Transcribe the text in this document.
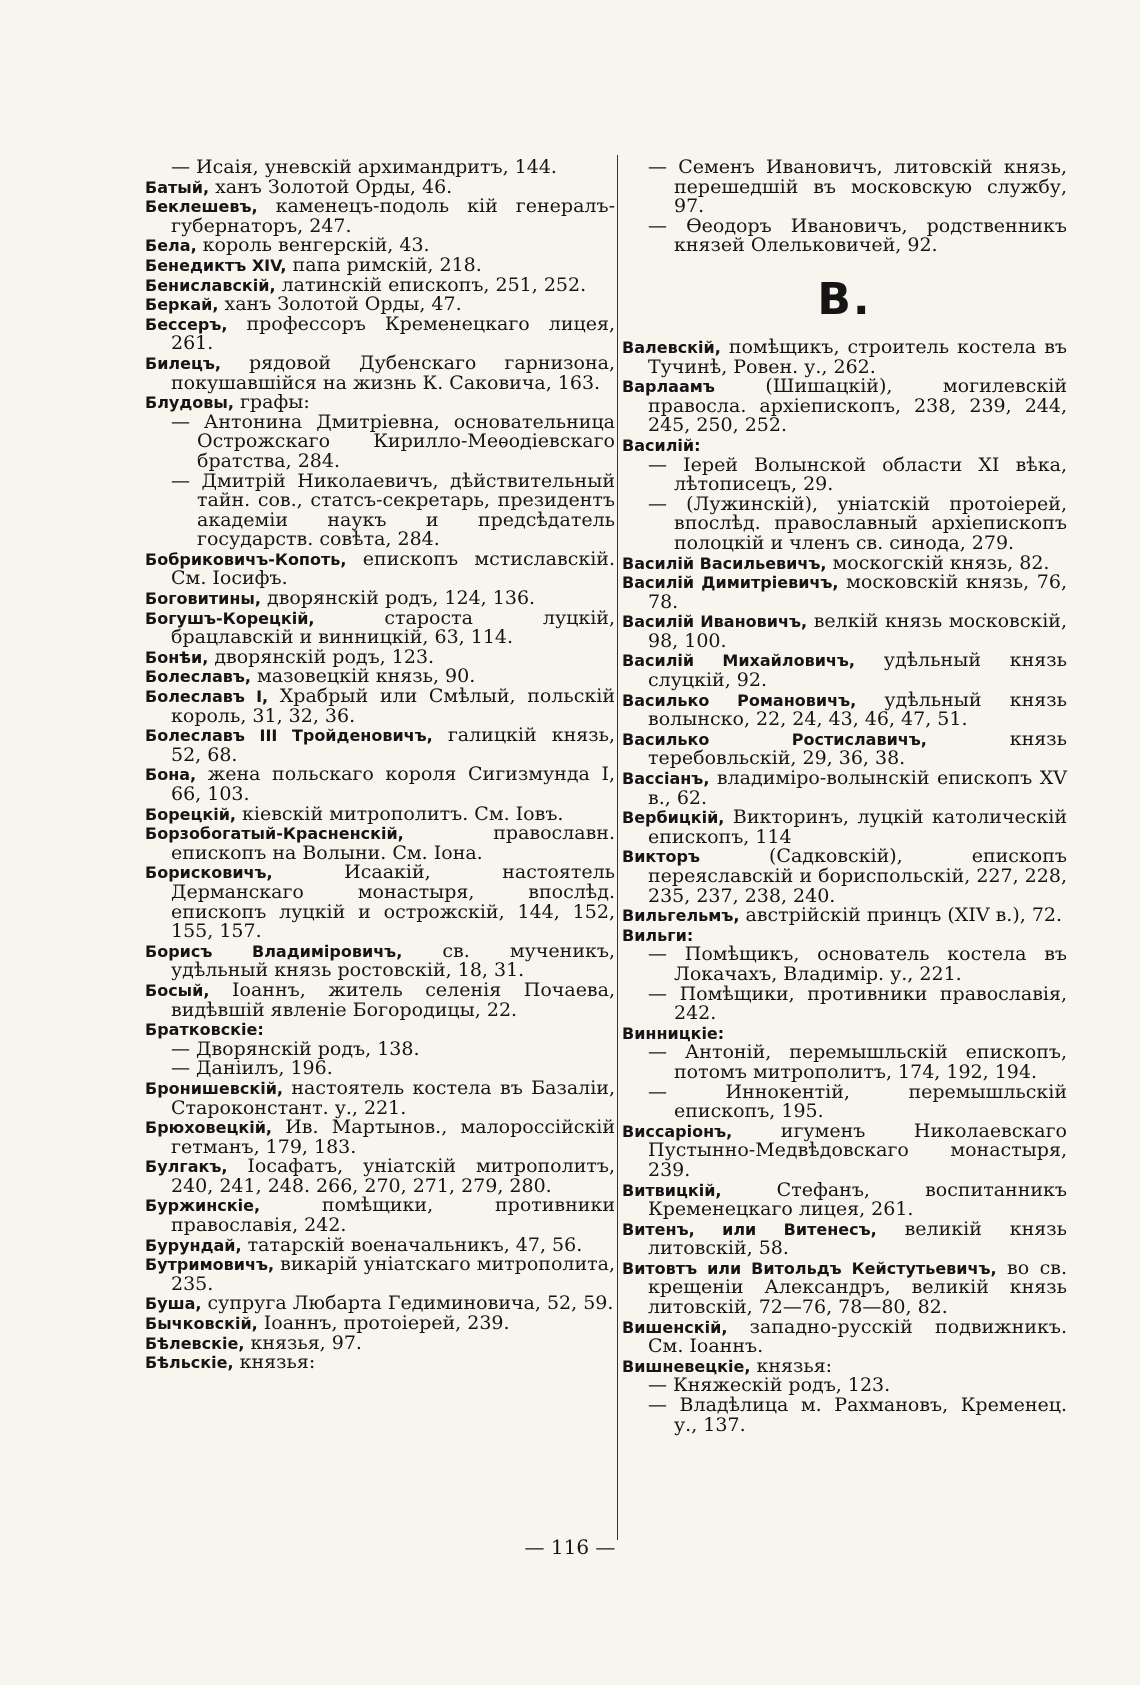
— Исаія, уневскій архимандритъ, 144.

Батый, ханъ Золотой Орды, 46.

Беклешевъ, каменецъ-подоль кій генералъ-губернаторъ, 247.

Бела, король венгерскій, 43.

Бенедиктъ XIV, папа римскій, 218.

Бениславскій, латинскій епископъ, 251, 252.

Беркай, ханъ Золотой Орды, 47.

Бессеръ, профессоръ Кременецкаго лицея, 261.

Билецъ, рядовой Дубенскаго гарнизона, покушавшійся на жизнь К. Саковича, 163.

Блудовы, графы:

— Антонина Дмитріевна, основательница Острожскаго Кирилло-Меѳодіевскаго братства, 284.

— Дмитрій Николаевичъ, дѣйствительный тайн. сов., статсъ-секретарь, президентъ академіи наукъ и предсѣдатель государств. совѣта, 284.

Бобриковичъ-Копоть, епископъ мстиславскій. См. Іосифъ.

Боговитины, дворянскій родъ, 124, 136.

Богушъ-Корецкій, староста луцкій, брацлавскій и винницкій, 63, 114.

Бонѣи, дворянскій родъ, 123.

Болеславъ, мазовецкій князь, 90.

Болеславъ I, Храбрый или Смѣлый, польскій король, 31, 32, 36.

Болеславъ III Тройденовичъ, галицкій князь, 52, 68.

Бона, жена польскаго короля Сигизмунда I, 66, 103.

Борецкій, кіевскій митрополитъ. См. Іовъ.

Борзобогатый-Красненскій, православн. епископъ на Волыни. См. Іона.

Борисковичъ, Исаакій, настоятель Дерманскаго монастыря, впослѣд. епископъ луцкій и острожскій, 144, 152, 155, 157.

Борисъ Владиміровичъ, св. мученикъ, удѣльный князь ростовскій, 18, 31.

Босый, Іоаннъ, житель селенія Почаева, видѣвшій явленіе Богородицы, 22.

Братковскіе:

— Дворянскій родъ, 138.

— Даніилъ, 196.

Бронишевскій, настоятель костела въ Базаліи, Староконстант. у., 221.

Брюховецкій, Ив. Мартынов., малороссійскій гетманъ, 179, 183.

Булгакъ, Іосафатъ, уніатскій митрополитъ, 240, 241, 248. 266, 270, 271, 279, 280.

Буржинскіе, помѣщики, противники православія, 242.

Бурундай, татарскій военачальникъ, 47, 56.

Бутримовичъ, викарій уніатскаго митрополита, 235.

Буша, супруга Любарта Гедиминовича, 52, 59.

Бычковскій, Іоаннъ, протоіерей, 239.

Бѣлевскіе, князья, 97.

Бѣльскіе, князья:

— Семенъ Ивановичъ, литовскій князь, перешедшій въ московскую службу, 97.

— Ѳеодоръ Ивановичъ, родственникъ князей Олельковичей, 92.

В.

Валевскій, помѣщикъ, строитель костела въ Тучинѣ, Ровен. у., 262.

Варлаамъ (Шишацкій), могилевскій правосла. архіепископъ, 238, 239, 244, 245, 250, 252.

Василій:

— Іерей Волынской области XI вѣка, лѣтописецъ, 29.

— (Лужинскій), уніатскій протоіерей, впослѣд. православный архіепископъ полоцкій и членъ св. синода, 279.

Василій Васильевичъ, москогскій князь, 82.

Василій Димитріевичъ, московскій князь, 76, 78.

Василій Ивановичъ, велкій князь московскій, 98, 100.

Василій Михайловичъ, удѣльный князь слуцкій, 92.

Василько Романовичъ, удѣльный князь волынско, 22, 24, 43, 46, 47, 51.

Василько Ростиславичъ, князь теребовльскій, 29, 36, 38.

Вассіанъ, владиміро-волынскій епископъ XV в., 62.

Вербицкій, Викторинъ, луцкій католическій епископъ, 114

Викторъ (Садковскій), епископъ переяславскій и бориспольскій, 227, 228, 235, 237, 238, 240.

Вильгельмъ, австрійскій принцъ (XIV в.), 72.

Вильги:

— Помѣщикъ, основатель костела въ Локачахъ, Владимір. у., 221.

— Помѣщики, противники православія, 242.

Винницкіе:

— Антоній, перемышльскій епископъ, потомъ митрополитъ, 174, 192, 194.

— Иннокентій, перемышльскій епископъ, 195.

Виссаріонъ, игуменъ Николаевскаго Пустынно-Медвѣдовскаго монастыря, 239.

Витвицкій, Стефанъ, воспитанникъ Кременецкаго лицея, 261.

Витенъ, или Витенесъ, великій князь литовскій, 58.

Витовтъ или Витольдъ Кейстутьевичъ, во св. крещеніи Александръ, великій князь литовскій, 72—76, 78—80, 82.

Вишенскій, западно-русскій подвижникъ. См. Іоаннъ.

Вишневецкіе, князья:

— Княжескій родъ, 123.

— Владѣлица м. Рахмановъ, Кременец. у., 137.

— 116 —
